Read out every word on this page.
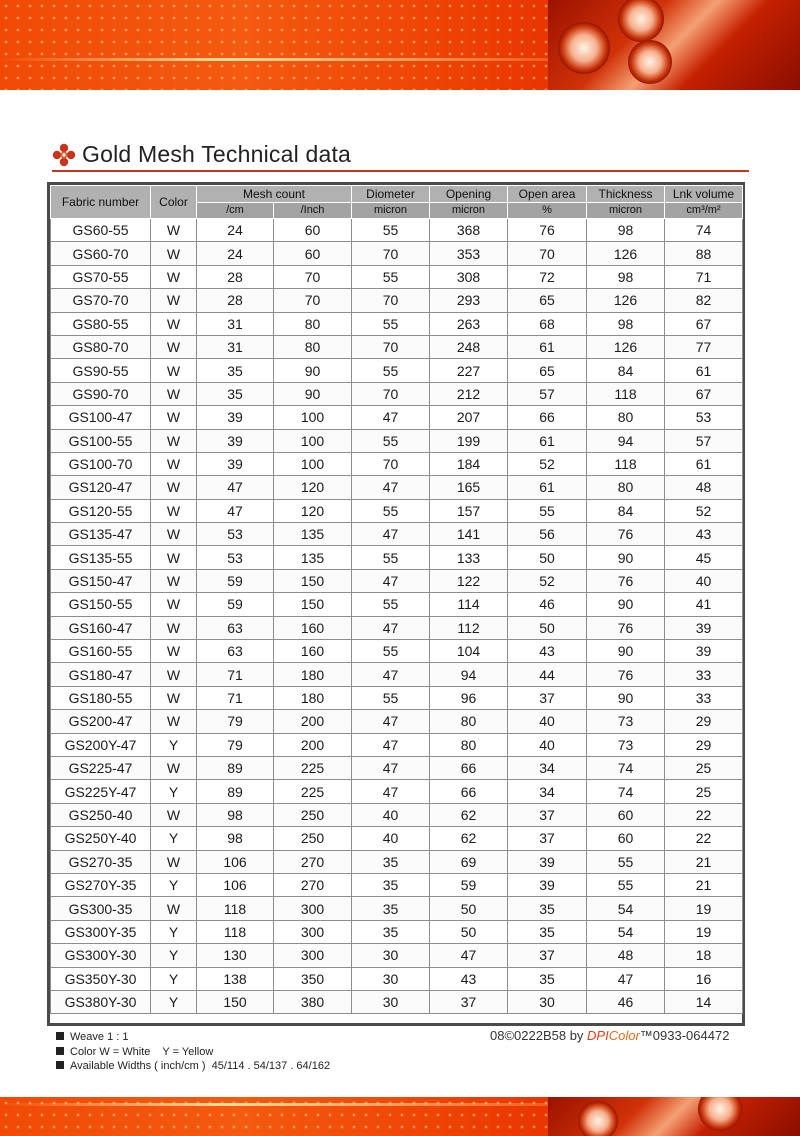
Gold Mesh Technical data
Fabric number	Color	Mesh count		Diometer	Opening	Open area	Thickness	Lnk volume
		/cm	/Inch	micron	micron	%	micron	cm³/m²
GS60-55	W	24	60	55	368	76	98	74
GS60-70	W	24	60	70	353	70	126	88
GS70-55	W	28	70	55	308	72	98	71
GS70-70	W	28	70	70	293	65	126	82
GS80-55	W	31	80	55	263	68	98	67
GS80-70	W	31	80	70	248	61	126	77
GS90-55	W	35	90	55	227	65	84	61
GS90-70	W	35	90	70	212	57	118	67
GS100-47	W	39	100	47	207	66	80	53
GS100-55	W	39	100	55	199	61	94	57
GS100-70	W	39	100	70	184	52	118	61
GS120-47	W	47	120	47	165	61	80	48
GS120-55	W	47	120	55	157	55	84	52
GS135-47	W	53	135	47	141	56	76	43
GS135-55	W	53	135	55	133	50	90	45
GS150-47	W	59	150	47	122	52	76	40
GS150-55	W	59	150	55	114	46	90	41
GS160-47	W	63	160	47	112	50	76	39
GS160-55	W	63	160	55	104	43	90	39
GS180-47	W	71	180	47	94	44	76	33
GS180-55	W	71	180	55	96	37	90	33
GS200-47	W	79	200	47	80	40	73	29
GS200Y-47	Y	79	200	47	80	40	73	29
GS225-47	W	89	225	47	66	34	74	25
GS225Y-47	Y	89	225	47	66	34	74	25
GS250-40	W	98	250	40	62	37	60	22
GS250Y-40	Y	98	250	40	62	37	60	22
GS270-35	W	106	270	35	69	39	55	21
GS270Y-35	Y	106	270	35	59	39	55	21
GS300-35	W	118	300	35	50	35	54	19
GS300Y-35	Y	118	300	35	50	35	54	19
GS300Y-30	Y	130	300	30	47	37	48	18
GS350Y-30	Y	138	350	30	43	35	47	16
GS380Y-30	Y	150	380	30	37	30	46	14
Weave 1 : 1
Color W = White    Y = Yellow
Available Widths ( inch/cm )  45/114 . 54/137 . 64/162
08©0222B58 by DPIColor™0933-064472
